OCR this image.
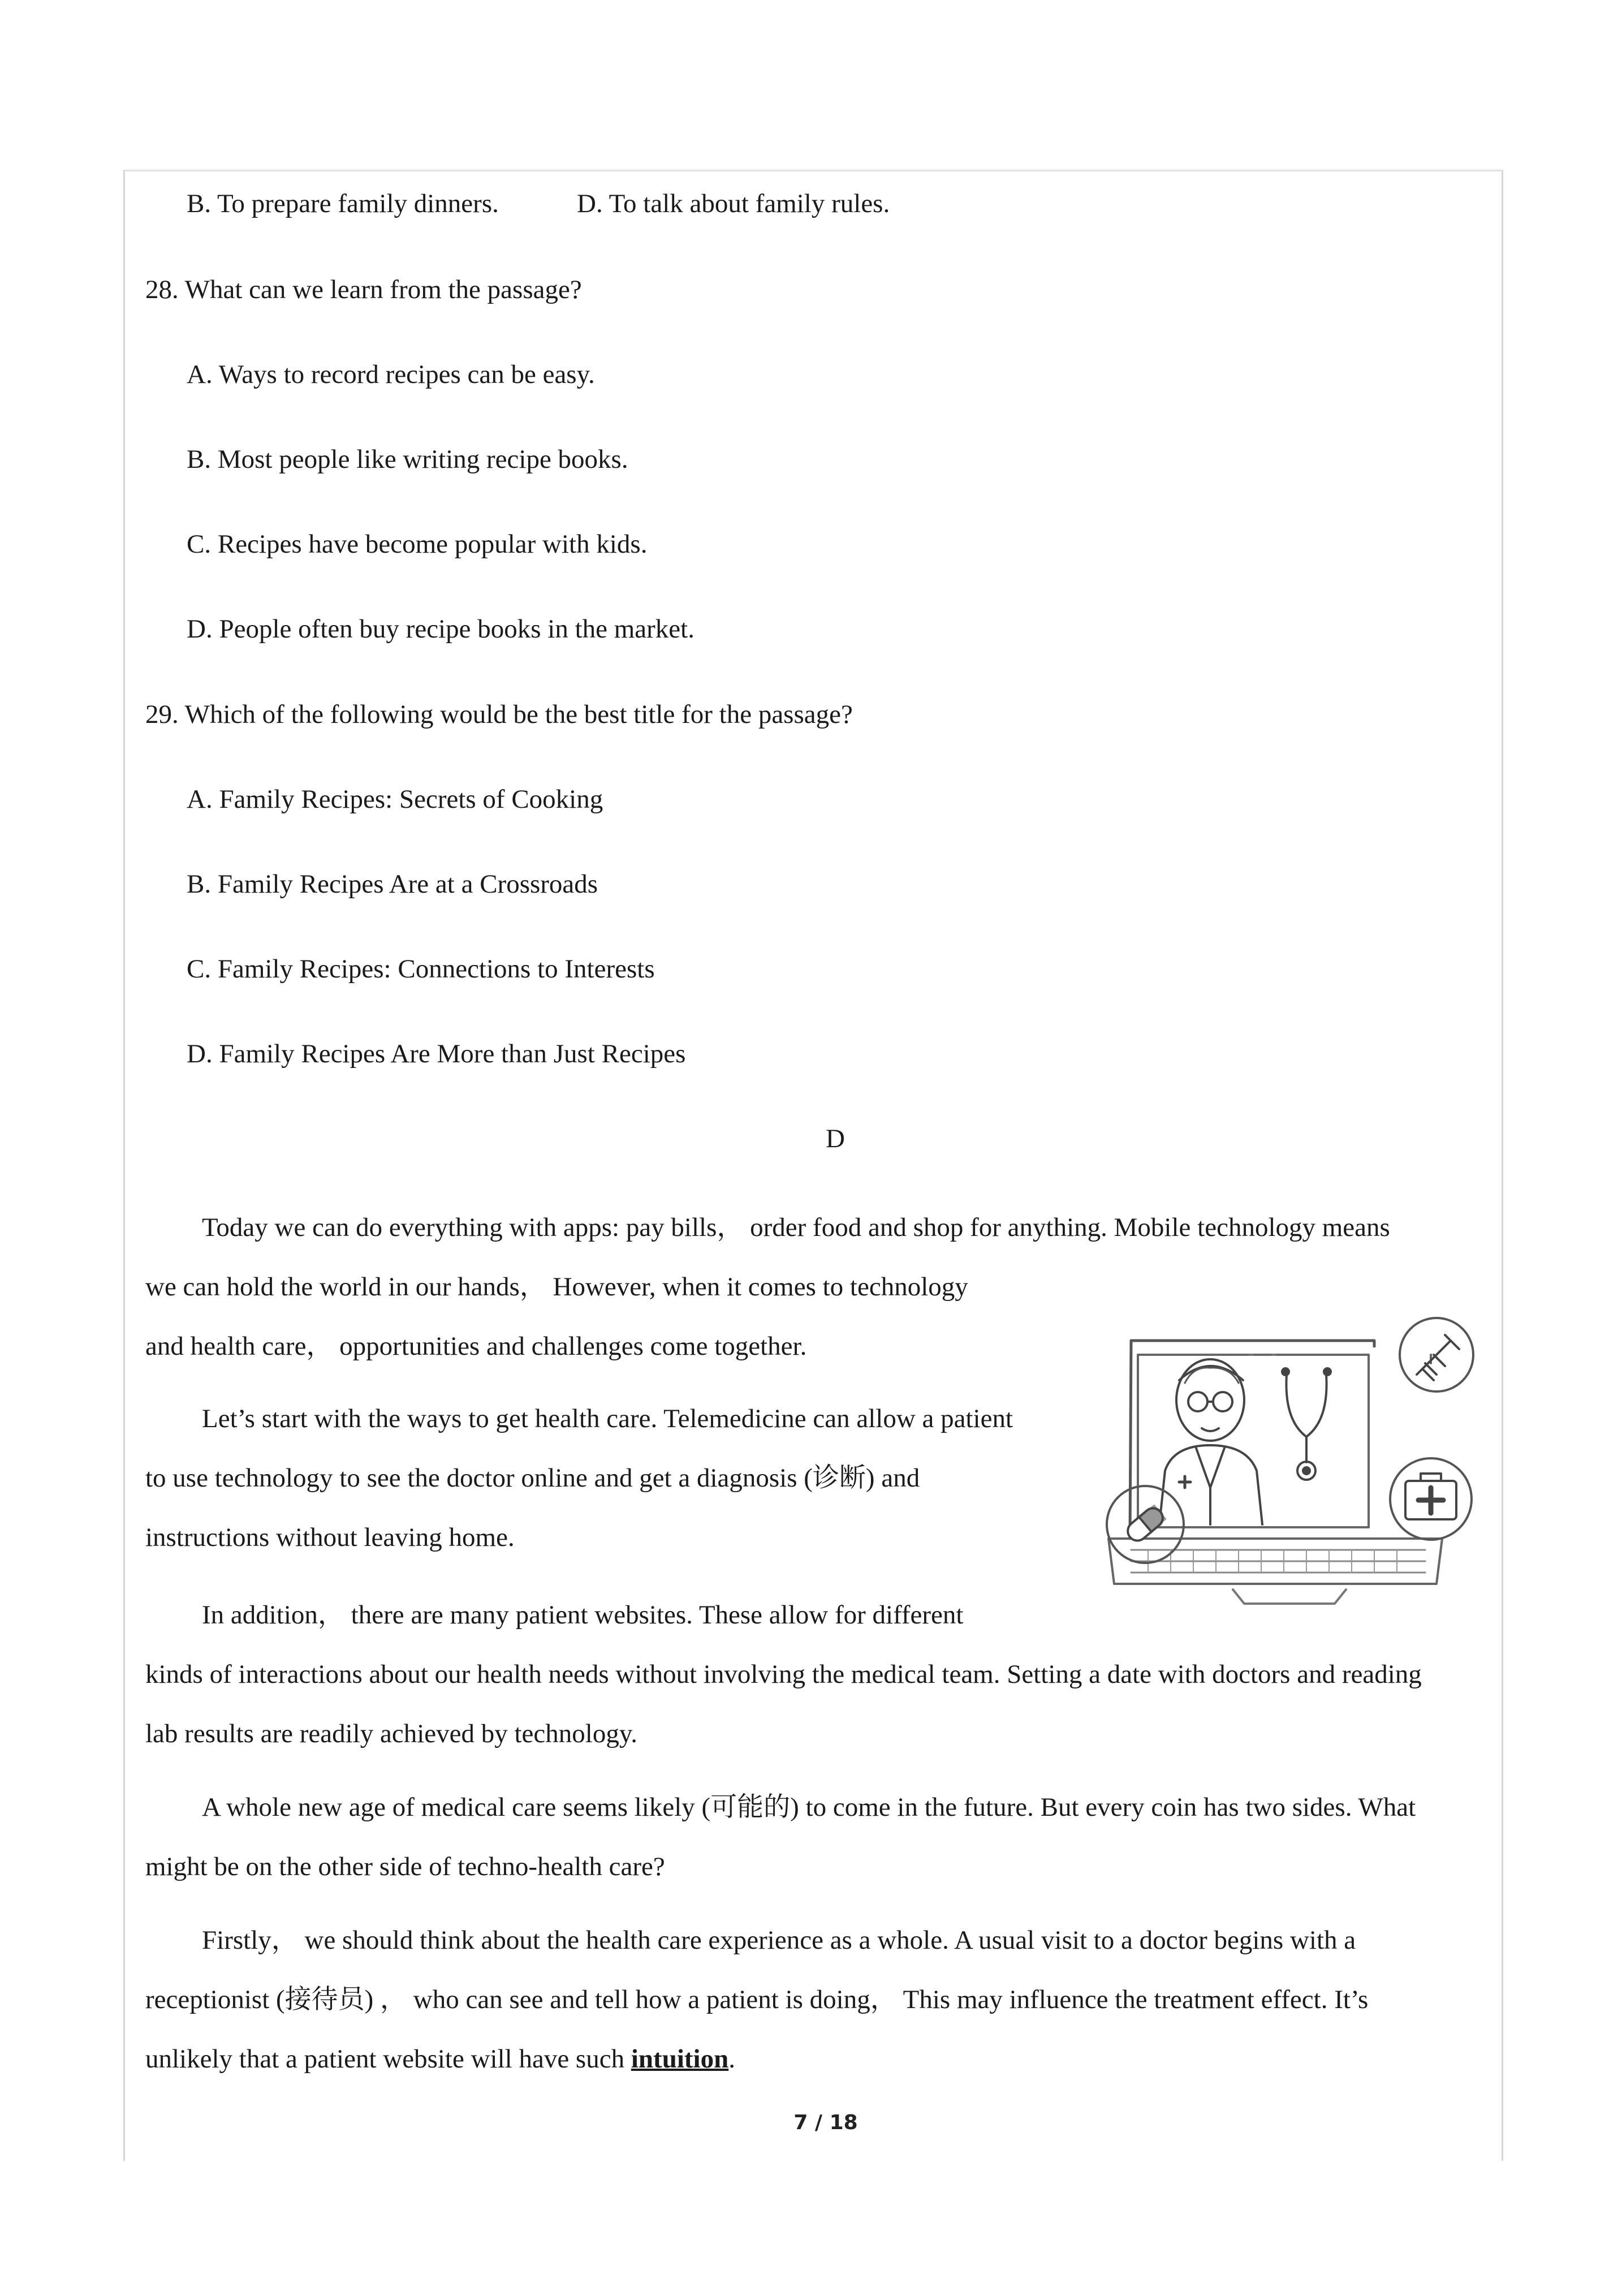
B. To prepare family dinners.	D. To talk about family rules.

28. What can we learn from the passage?

A. Ways to record recipes can be easy.

B. Most people like writing recipe books.

C. Recipes have become popular with kids.

D. People often buy recipe books in the market.

29. Which of the following would be the best title for the passage?

A. Family Recipes: Secrets of Cooking

B. Family Recipes Are at a Crossroads

C. Family Recipes: Connections to Interests

D. Family Recipes Are More than Just Recipes

D

Today we can do everything with apps: pay bills， order food and shop for anything. Mobile technology means

we can hold the world in our hands， However, when it comes to technology

and health care， opportunities and challenges come together.

Let’s start with the ways to get health care. Telemedicine can allow a patient

to use technology to see the doctor online and get a diagnosis (诊断) and

instructions without leaving home.

In addition， there are many patient websites. These allow for different

kinds of interactions about our health needs without involving the medical team. Setting a date with doctors and reading

lab results are readily achieved by technology.

A whole new age of medical care seems likely (可能的) to come in the future. But every coin has two sides. What

might be on the other side of techno-health care?

Firstly， we should think about the health care experience as a whole. A usual visit to a doctor begins with a

receptionist (接待员) ， who can see and tell how a patient is doing， This may influence the treatment effect. It’s

unlikely that a patient website will have such intuition.

7 / 18
